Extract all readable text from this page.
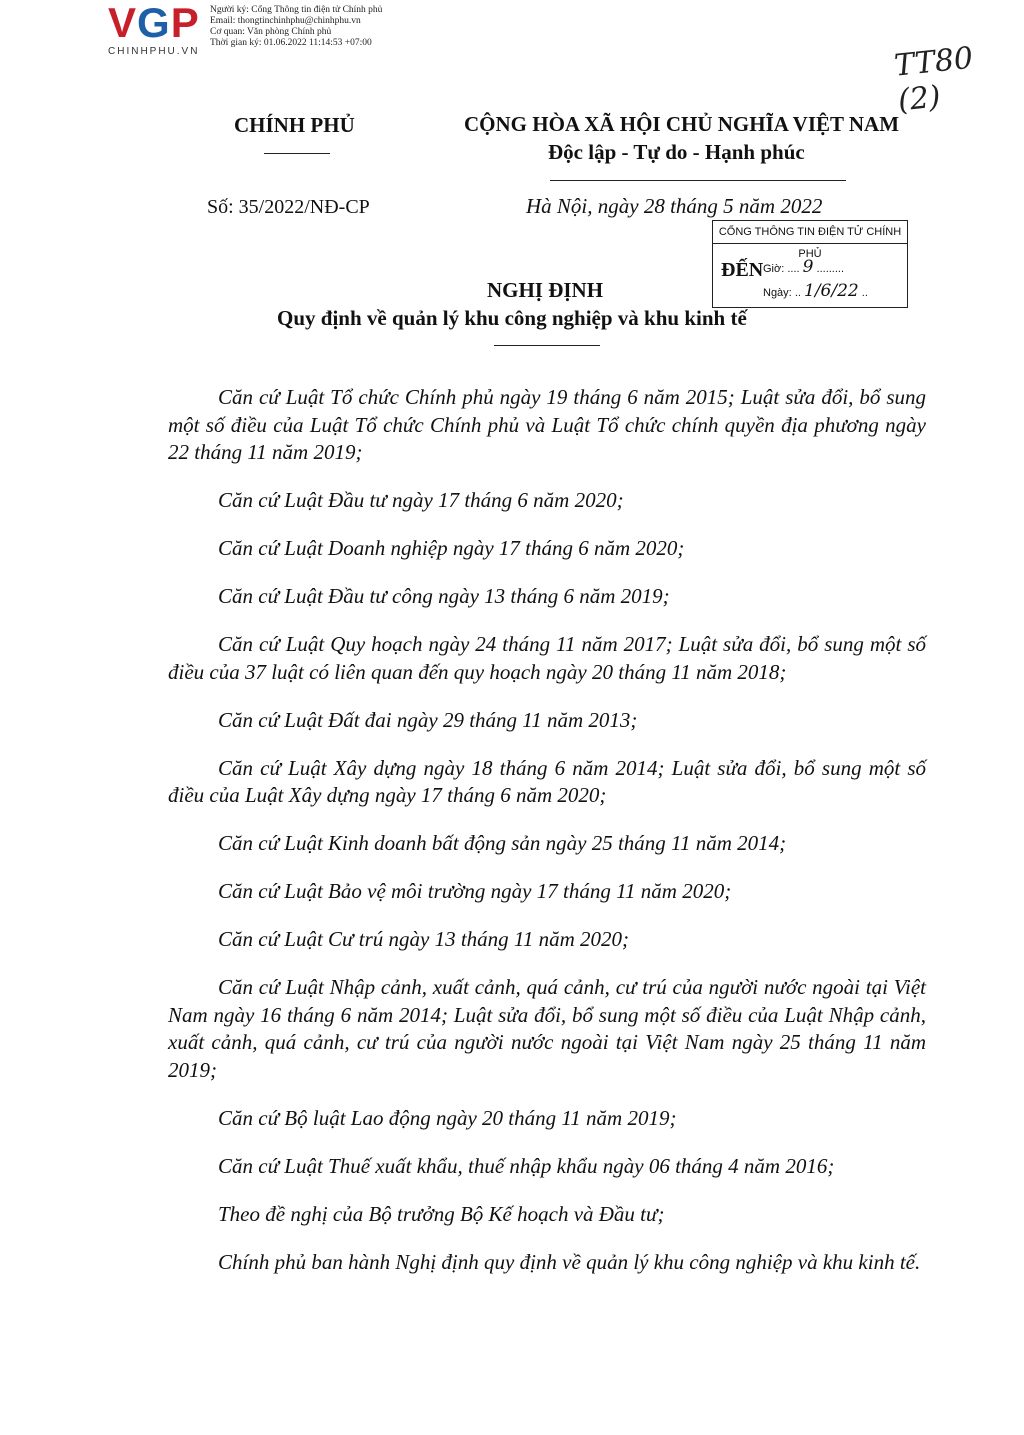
VGP
CHINHPHU.VN
Người ký: Cổng Thông tin điện tử Chính phủ
Email: thongtinchinhphu@chinhphu.vn
Cơ quan: Văn phòng Chính phủ
Thời gian ký: 01.06.2022 11:14:53 +07:00	TT80 (2)
CHÍNH PHỦ	CỘNG HÒA XÃ HỘI CHỦ NGHĨA VIỆT NAM
Độc lập - Tự do - Hạnh phúc
Số: 35/2022/NĐ-CP	Hà Nội, ngày 28 tháng 5 năm 2022
CỔNG THÔNG TIN ĐIỆN TỬ CHÍNH PHỦ
ĐẾN Giờ: .... 9 .........
Ngày: .. 1/6/22 ..
NGHỊ ĐỊNH
Quy định về quản lý khu công nghiệp và khu kinh tế

Căn cứ Luật Tổ chức Chính phủ ngày 19 tháng 6 năm 2015; Luật sửa đổi, bổ sung một số điều của Luật Tổ chức Chính phủ và Luật Tổ chức chính quyền địa phương ngày 22 tháng 11 năm 2019;

Căn cứ Luật Đầu tư ngày 17 tháng 6 năm 2020;

Căn cứ Luật Doanh nghiệp ngày 17 tháng 6 năm 2020;

Căn cứ Luật Đầu tư công ngày 13 tháng 6 năm 2019;

Căn cứ Luật Quy hoạch ngày 24 tháng 11 năm 2017; Luật sửa đổi, bổ sung một số điều của 37 luật có liên quan đến quy hoạch ngày 20 tháng 11 năm 2018;

Căn cứ Luật Đất đai ngày 29 tháng 11 năm 2013;

Căn cứ Luật Xây dựng ngày 18 tháng 6 năm 2014; Luật sửa đổi, bổ sung một số điều của Luật Xây dựng ngày 17 tháng 6 năm 2020;

Căn cứ Luật Kinh doanh bất động sản ngày 25 tháng 11 năm 2014;

Căn cứ Luật Bảo vệ môi trường ngày 17 tháng 11 năm 2020;

Căn cứ Luật Cư trú ngày 13 tháng 11 năm 2020;

Căn cứ Luật Nhập cảnh, xuất cảnh, quá cảnh, cư trú của người nước ngoài tại Việt Nam ngày 16 tháng 6 năm 2014; Luật sửa đổi, bổ sung một số điều của Luật Nhập cảnh, xuất cảnh, quá cảnh, cư trú của người nước ngoài tại Việt Nam ngày 25 tháng 11 năm 2019;

Căn cứ Bộ luật Lao động ngày 20 tháng 11 năm 2019;

Căn cứ Luật Thuế xuất khẩu, thuế nhập khẩu ngày 06 tháng 4 năm 2016;

Theo đề nghị của Bộ trưởng Bộ Kế hoạch và Đầu tư;

Chính phủ ban hành Nghị định quy định về quản lý khu công nghiệp và khu kinh tế.
